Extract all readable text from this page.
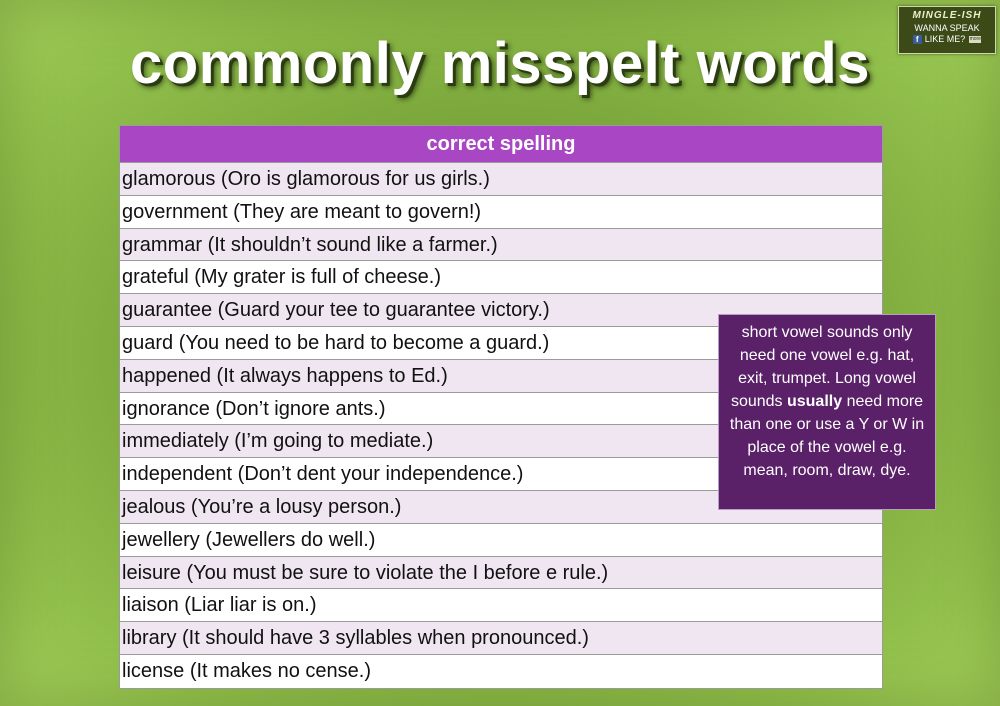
commonly misspelt words
MINGLE-ISH
WANNA SPEAK
f LIKE ME? more
correct spelling
glamorous (Oro is glamorous for us girls.)
government (They are meant to govern!)
grammar (It shouldn’t sound like a farmer.)
grateful (My grater is full of cheese.)
guarantee (Guard your tee to guarantee victory.)
guard (You need to be hard to become a guard.)
happened (It always happens to Ed.)
ignorance (Don’t ignore ants.)
immediately (I’m going to mediate.)
independent (Don’t dent your independence.)
jealous (You’re a lousy person.)
jewellery (Jewellers do well.)
leisure (You must be sure to violate the I before e rule.)
liaison (Liar liar is on.)
library (It should have 3 syllables when pronounced.)
license (It makes no cense.)
short vowel sounds only need one vowel e.g. hat, exit, trumpet. Long vowel sounds usually need more than one or use a Y or W in place of the vowel e.g. mean, room, draw, dye.
